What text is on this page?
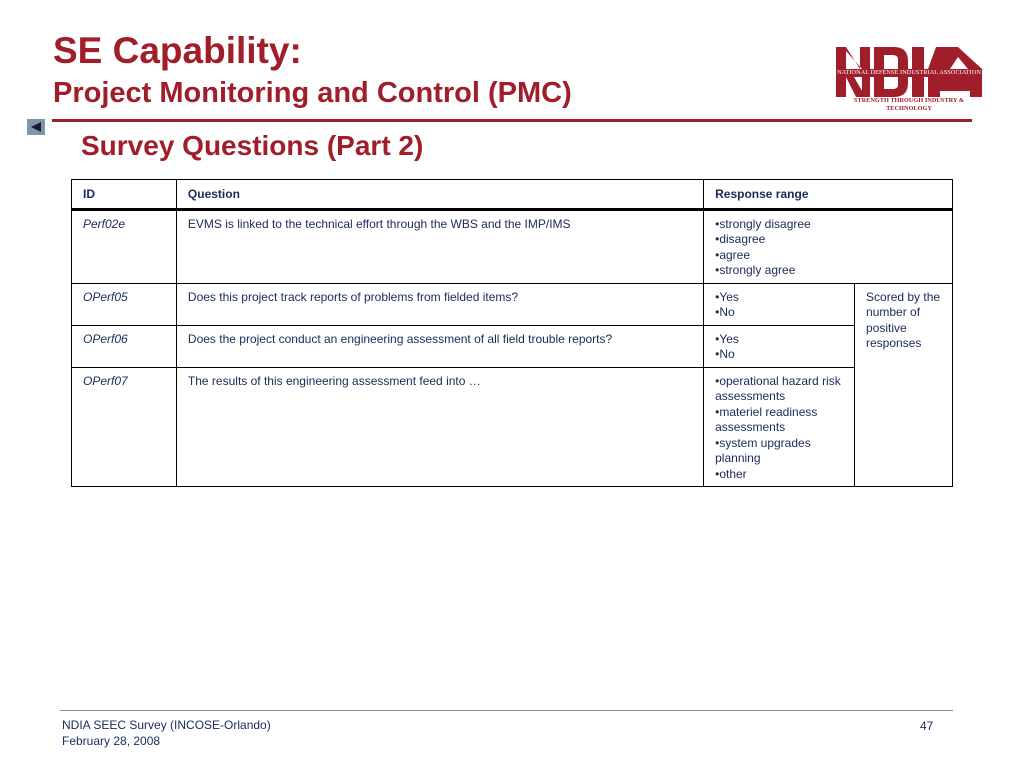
SE Capability:
Project Monitoring and Control (PMC)
NATIONAL DEFENSE INDUSTRIAL ASSOCIATION
STRENGTH THROUGH INDUSTRY & TECHNOLOGY
Survey Questions (Part 2)
ID	Question	Response range	
Perf02e	EVMS is linked to the technical effort through the WBS and the IMP/IMS	•strongly disagree
•disagree
•agree
•strongly agree	

OPerf05	Does this project track reports of problems from fielded items?	•Yes
•No	Scored by the number of positive responses
OPerf06	Does the project conduct an engineering assessment of all field trouble reports?	•Yes
•No	

OPerf07	The results of this engineering assessment feed into …	•operational hazard risk assessments
•materiel readiness assessments
•system upgrades planning
•other	
NDIA SEEC Survey (INCOSE-Orlando)
February 28, 2008
47
